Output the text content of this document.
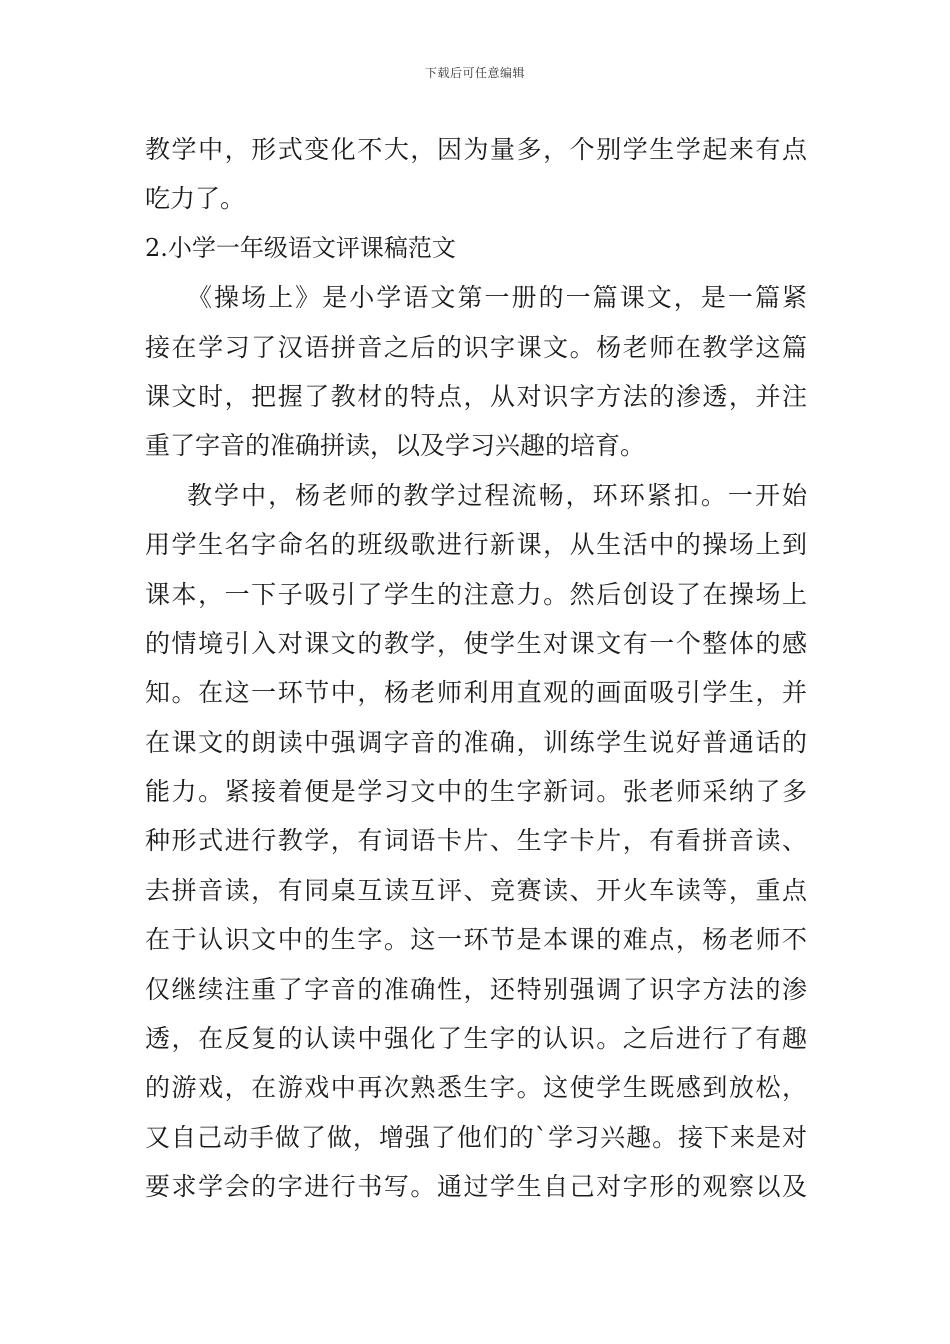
下载后可任意编辑
教学中，形式变化不大，因为量多，个别学生学起来有点
吃力了。
2.小学一年级语文评课稿范文
《操场上》是小学语文第一册的一篇课文，是一篇紧
接在学习了汉语拼音之后的识字课文。杨老师在教学这篇
课文时，把握了教材的特点，从对识字方法的渗透，并注
重了字音的准确拼读，以及学习兴趣的培育。
教学中，杨老师的教学过程流畅，环环紧扣。一开始
用学生名字命名的班级歌进行新课，从生活中的操场上到
课本，一下子吸引了学生的注意力。然后创设了在操场上
的情境引入对课文的教学，使学生对课文有一个整体的感
知。在这一环节中，杨老师利用直观的画面吸引学生，并
在课文的朗读中强调字音的准确，训练学生说好普通话的
能力。紧接着便是学习文中的生字新词。张老师采纳了多
种形式进行教学，有词语卡片、生字卡片，有看拼音读、
去拼音读，有同桌互读互评、竞赛读、开火车读等，重点
在于认识文中的生字。这一环节是本课的难点，杨老师不
仅继续注重了字音的准确性，还特别强调了识字方法的渗
透，在反复的认读中强化了生字的认识。之后进行了有趣
的游戏，在游戏中再次熟悉生字。这使学生既感到放松，
又自己动手做了做，增强了他们的`学习兴趣。接下来是对
要求学会的字进行书写。通过学生自己对字形的观察以及
